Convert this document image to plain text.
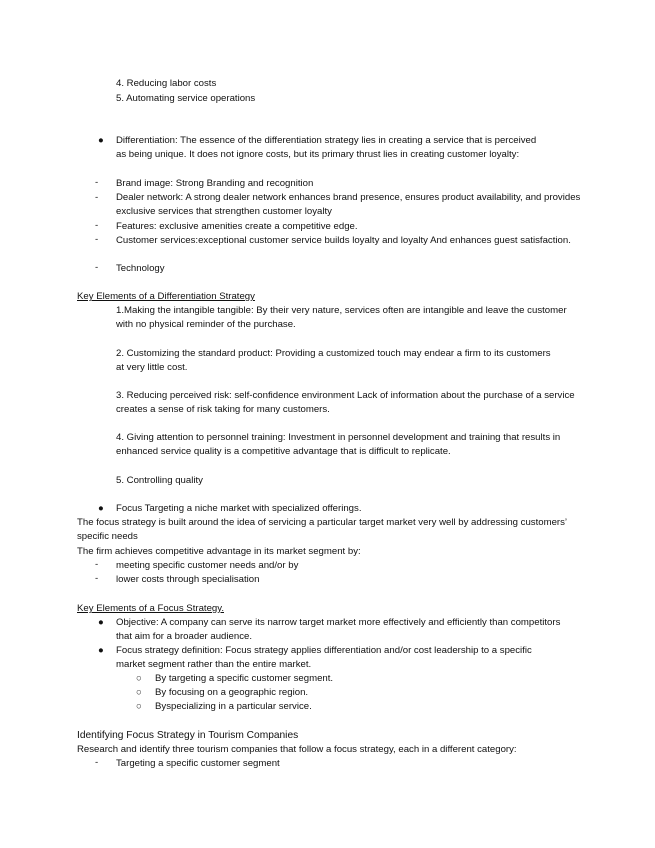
4. Reducing labor costs
5. Automating service operations
● Differentiation: The essence of the differentiation strategy lies in creating a service that is perceived as being unique. It does not ignore costs, but its primary thrust lies in creating customer loyalty:
- Brand image: Strong Branding and recognition
- Dealer network: A strong dealer network enhances brand presence, ensures product availability, and provides exclusive services that strengthen customer loyalty
- Features: exclusive amenities create a competitive edge.
- Customer services:exceptional customer service builds loyalty and loyalty And enhances guest satisfaction.
- Technology
Key Elements of a Differentiation Strategy
1.Making the intangible tangible: By their very nature, services often are intangible and leave the customer with no physical reminder of the purchase.
2. Customizing the standard product: Providing a customized touch may endear a firm to its customers at very little cost.
3. Reducing perceived risk: self-confidence environment Lack of information about the purchase of a service creates a sense of risk taking for many customers.
4. Giving attention to personnel training: Investment in personnel development and training that results in enhanced service quality is a competitive advantage that is difficult to replicate.
5. Controlling quality
● Focus Targeting a niche market with specialized offerings.
The focus strategy is built around the idea of servicing a particular target market very well by addressing customers’ specific needs
The firm achieves competitive advantage in its market segment by:
- meeting specific customer needs and/or by
- lower costs through specialisation
Key Elements of a Focus Strategy.
● Objective: A company can serve its narrow target market more effectively and efficiently than competitors that aim for a broader audience.
● Focus strategy definition: Focus strategy applies differentiation and/or cost leadership to a specific market segment rather than the entire market.
○ By targeting a specific customer segment.
○ By focusing on a geographic region.
○ Byspecializing in a particular service.
Identifying Focus Strategy in Tourism Companies
Research and identify three tourism companies that follow a focus strategy, each in a different category:
- Targeting a specific customer segment
